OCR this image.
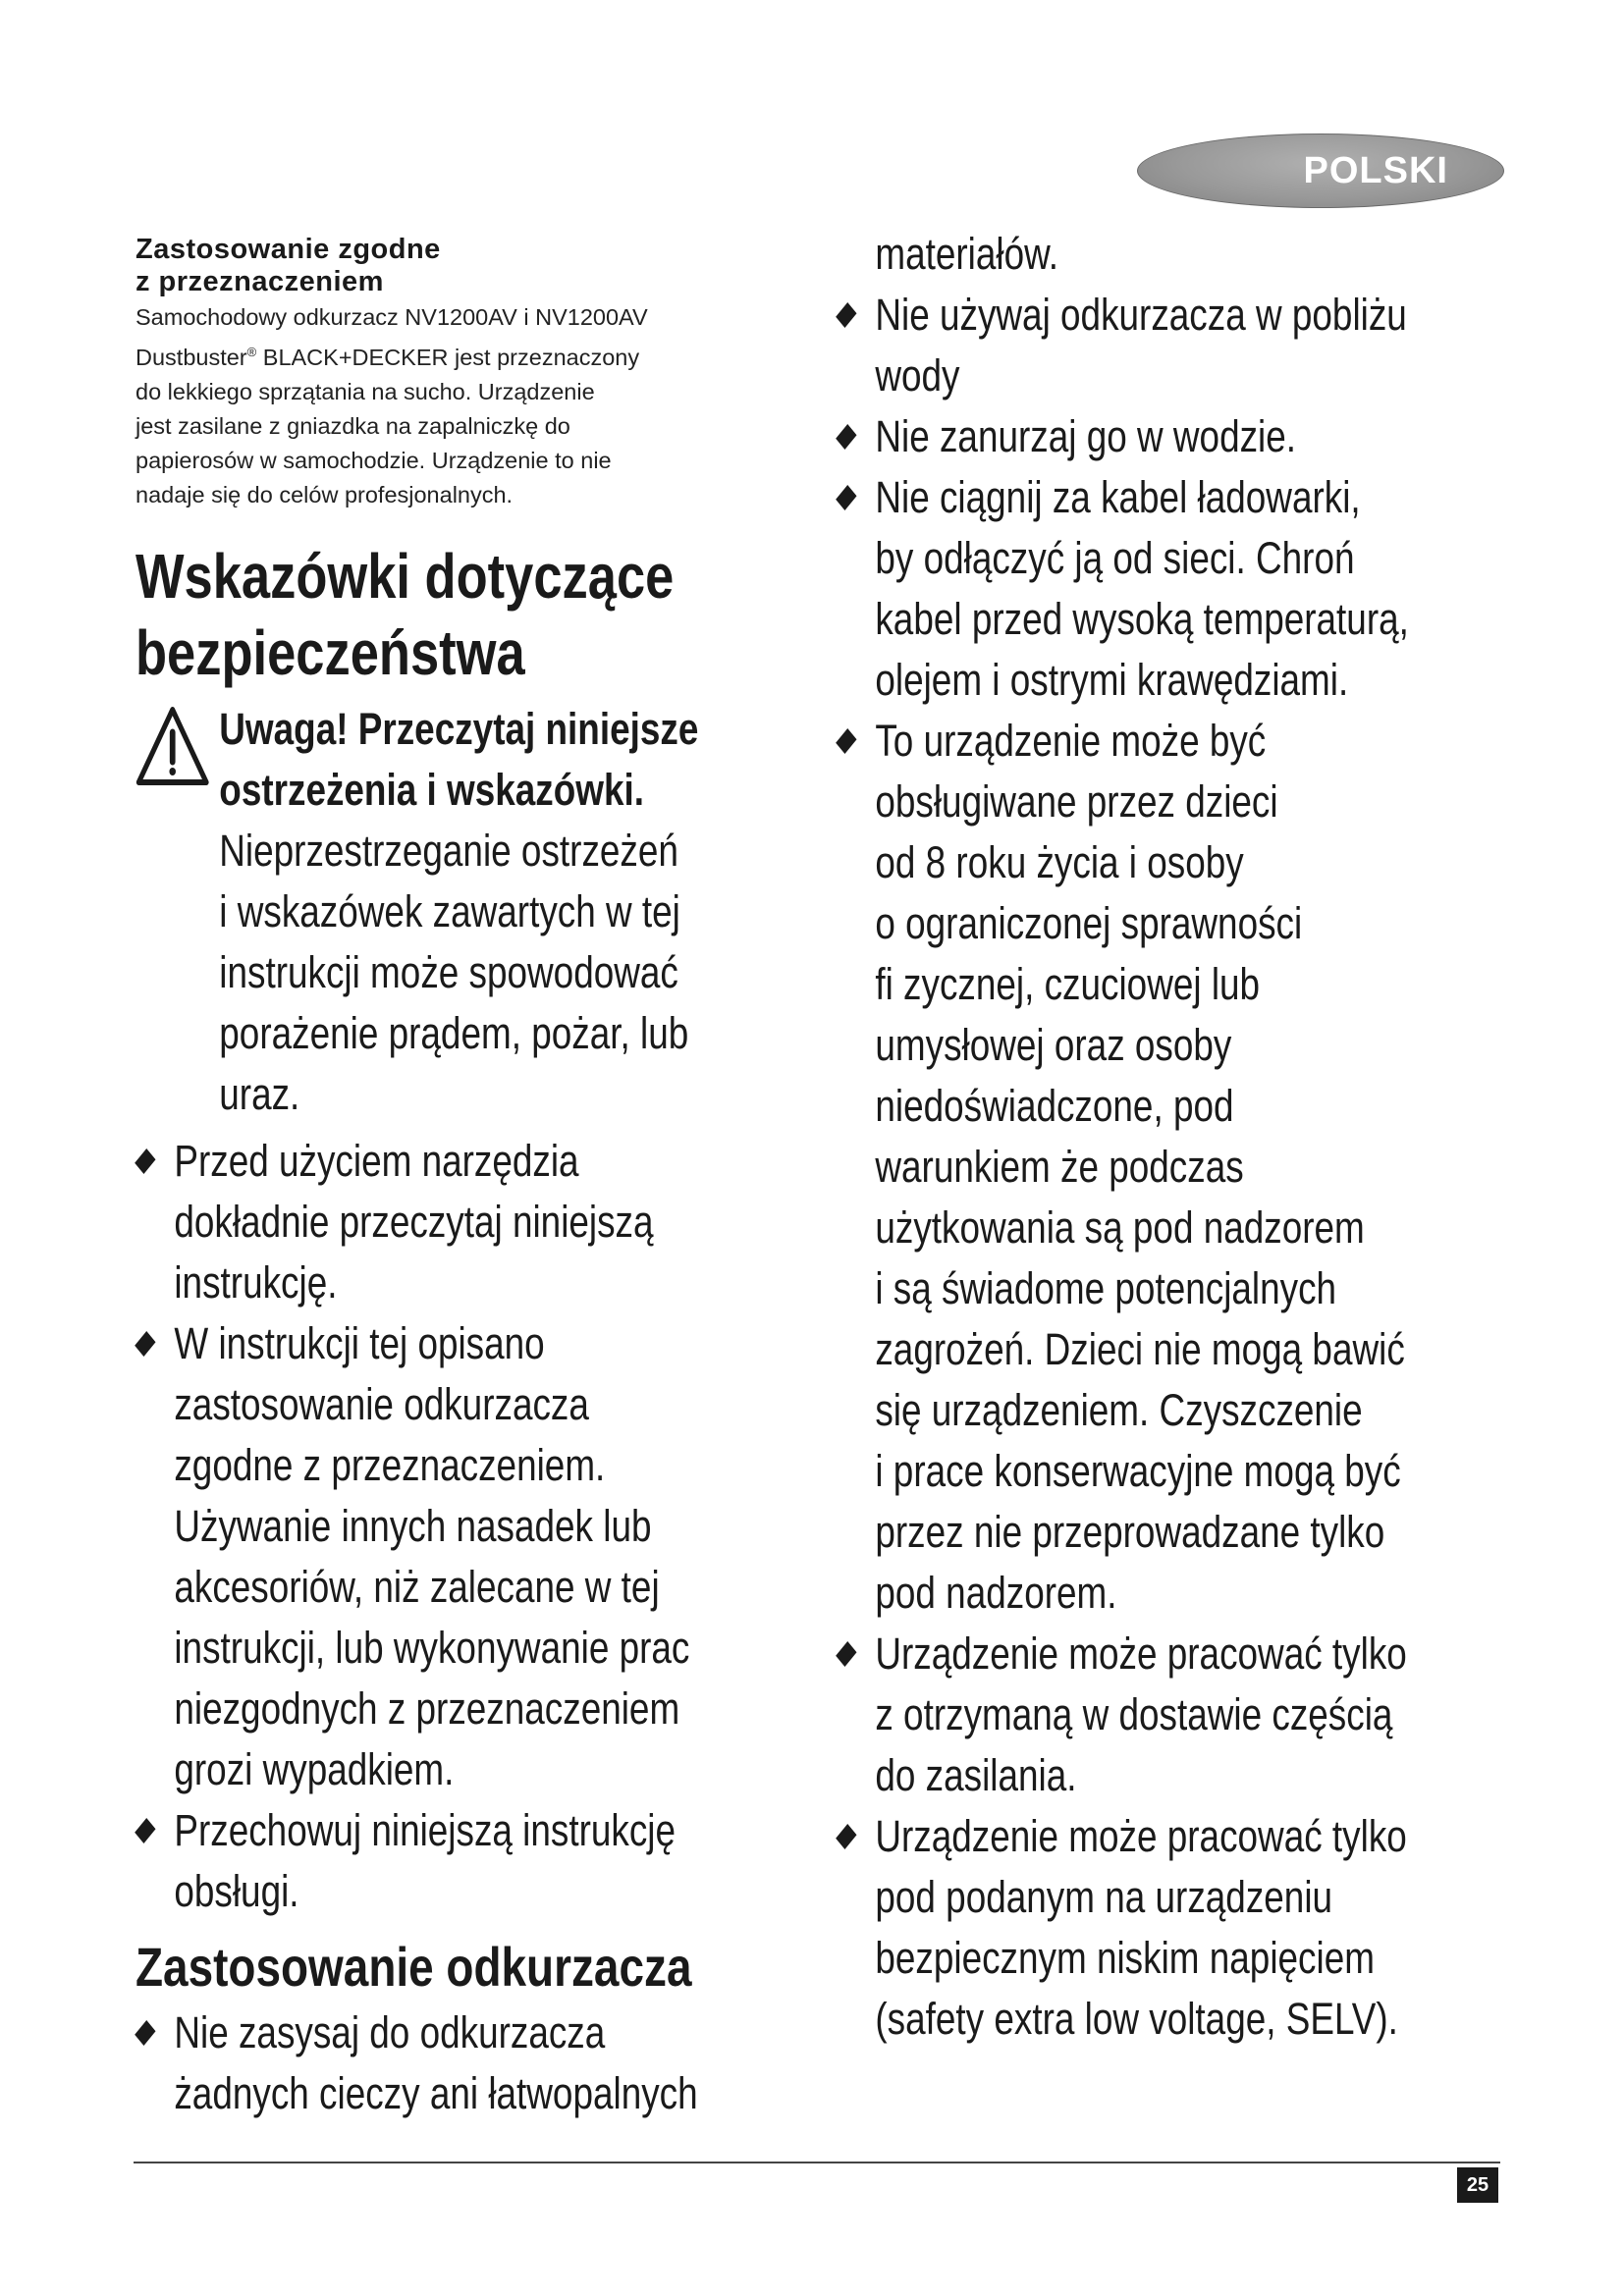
POLSKI
Zastosowanie zgodne
z przeznaczeniem

Samochodowy odkurzacz NV1200AV i NV1200AV
Dustbuster® BLACK+DECKER jest przeznaczony
do lekkiego sprzątania na sucho. Urządzenie
jest zasilane z gniazdka na zapalniczkę do
papierosów w samochodzie. Urządzenie to nie
nadaje się do celów profesjonalnych.

Wskazówki dotyczące
bezpieczeństwa
Uwaga! Przeczytaj niniejsze
ostrzeżenia i wskazówki.
Nieprzestrzeganie ostrzeżeń
i wskazówek zawartych w tej
instrukcji może spowodować
porażenie prądem, pożar, lub
uraz.
Przed użyciem narzędzia
dokładnie przeczytaj niniejszą
instrukcję.
W instrukcji tej opisano
zastosowanie odkurzacza
zgodne z przeznaczeniem.
Używanie innych nasadek lub
akcesoriów, niż zalecane w tej
instrukcji, lub wykonywanie prac
niezgodnych z przeznaczeniem
grozi wypadkiem.
Przechowuj niniejszą instrukcję
obsługi.
Zastosowanie odkurzacza
Nie zasysaj do odkurzacza
żadnych cieczy ani łatwopalnych
materiałów.
Nie używaj odkurzacza w pobliżu
wody
Nie zanurzaj go w wodzie.
Nie ciągnij za kabel ładowarki,
by odłączyć ją od sieci. Chroń
kabel przed wysoką temperaturą,
olejem i ostrymi krawędziami.
To urządzenie może być
obsługiwane przez dzieci
od 8 roku życia i osoby
o ograniczonej sprawności
fi zycznej, czuciowej lub
umysłowej oraz osoby
niedoświadczone, pod
warunkiem że podczas
użytkowania są pod nadzorem
i są świadome potencjalnych
zagrożeń. Dzieci nie mogą bawić
się urządzeniem. Czyszczenie
i prace konserwacyjne mogą być
przez nie przeprowadzane tylko
pod nadzorem.
Urządzenie może pracować tylko
z otrzymaną w dostawie częścią
do zasilania.
Urządzenie może pracować tylko
pod podanym na urządzeniu
bezpiecznym niskim napięciem
(safety extra low voltage, SELV).
25
